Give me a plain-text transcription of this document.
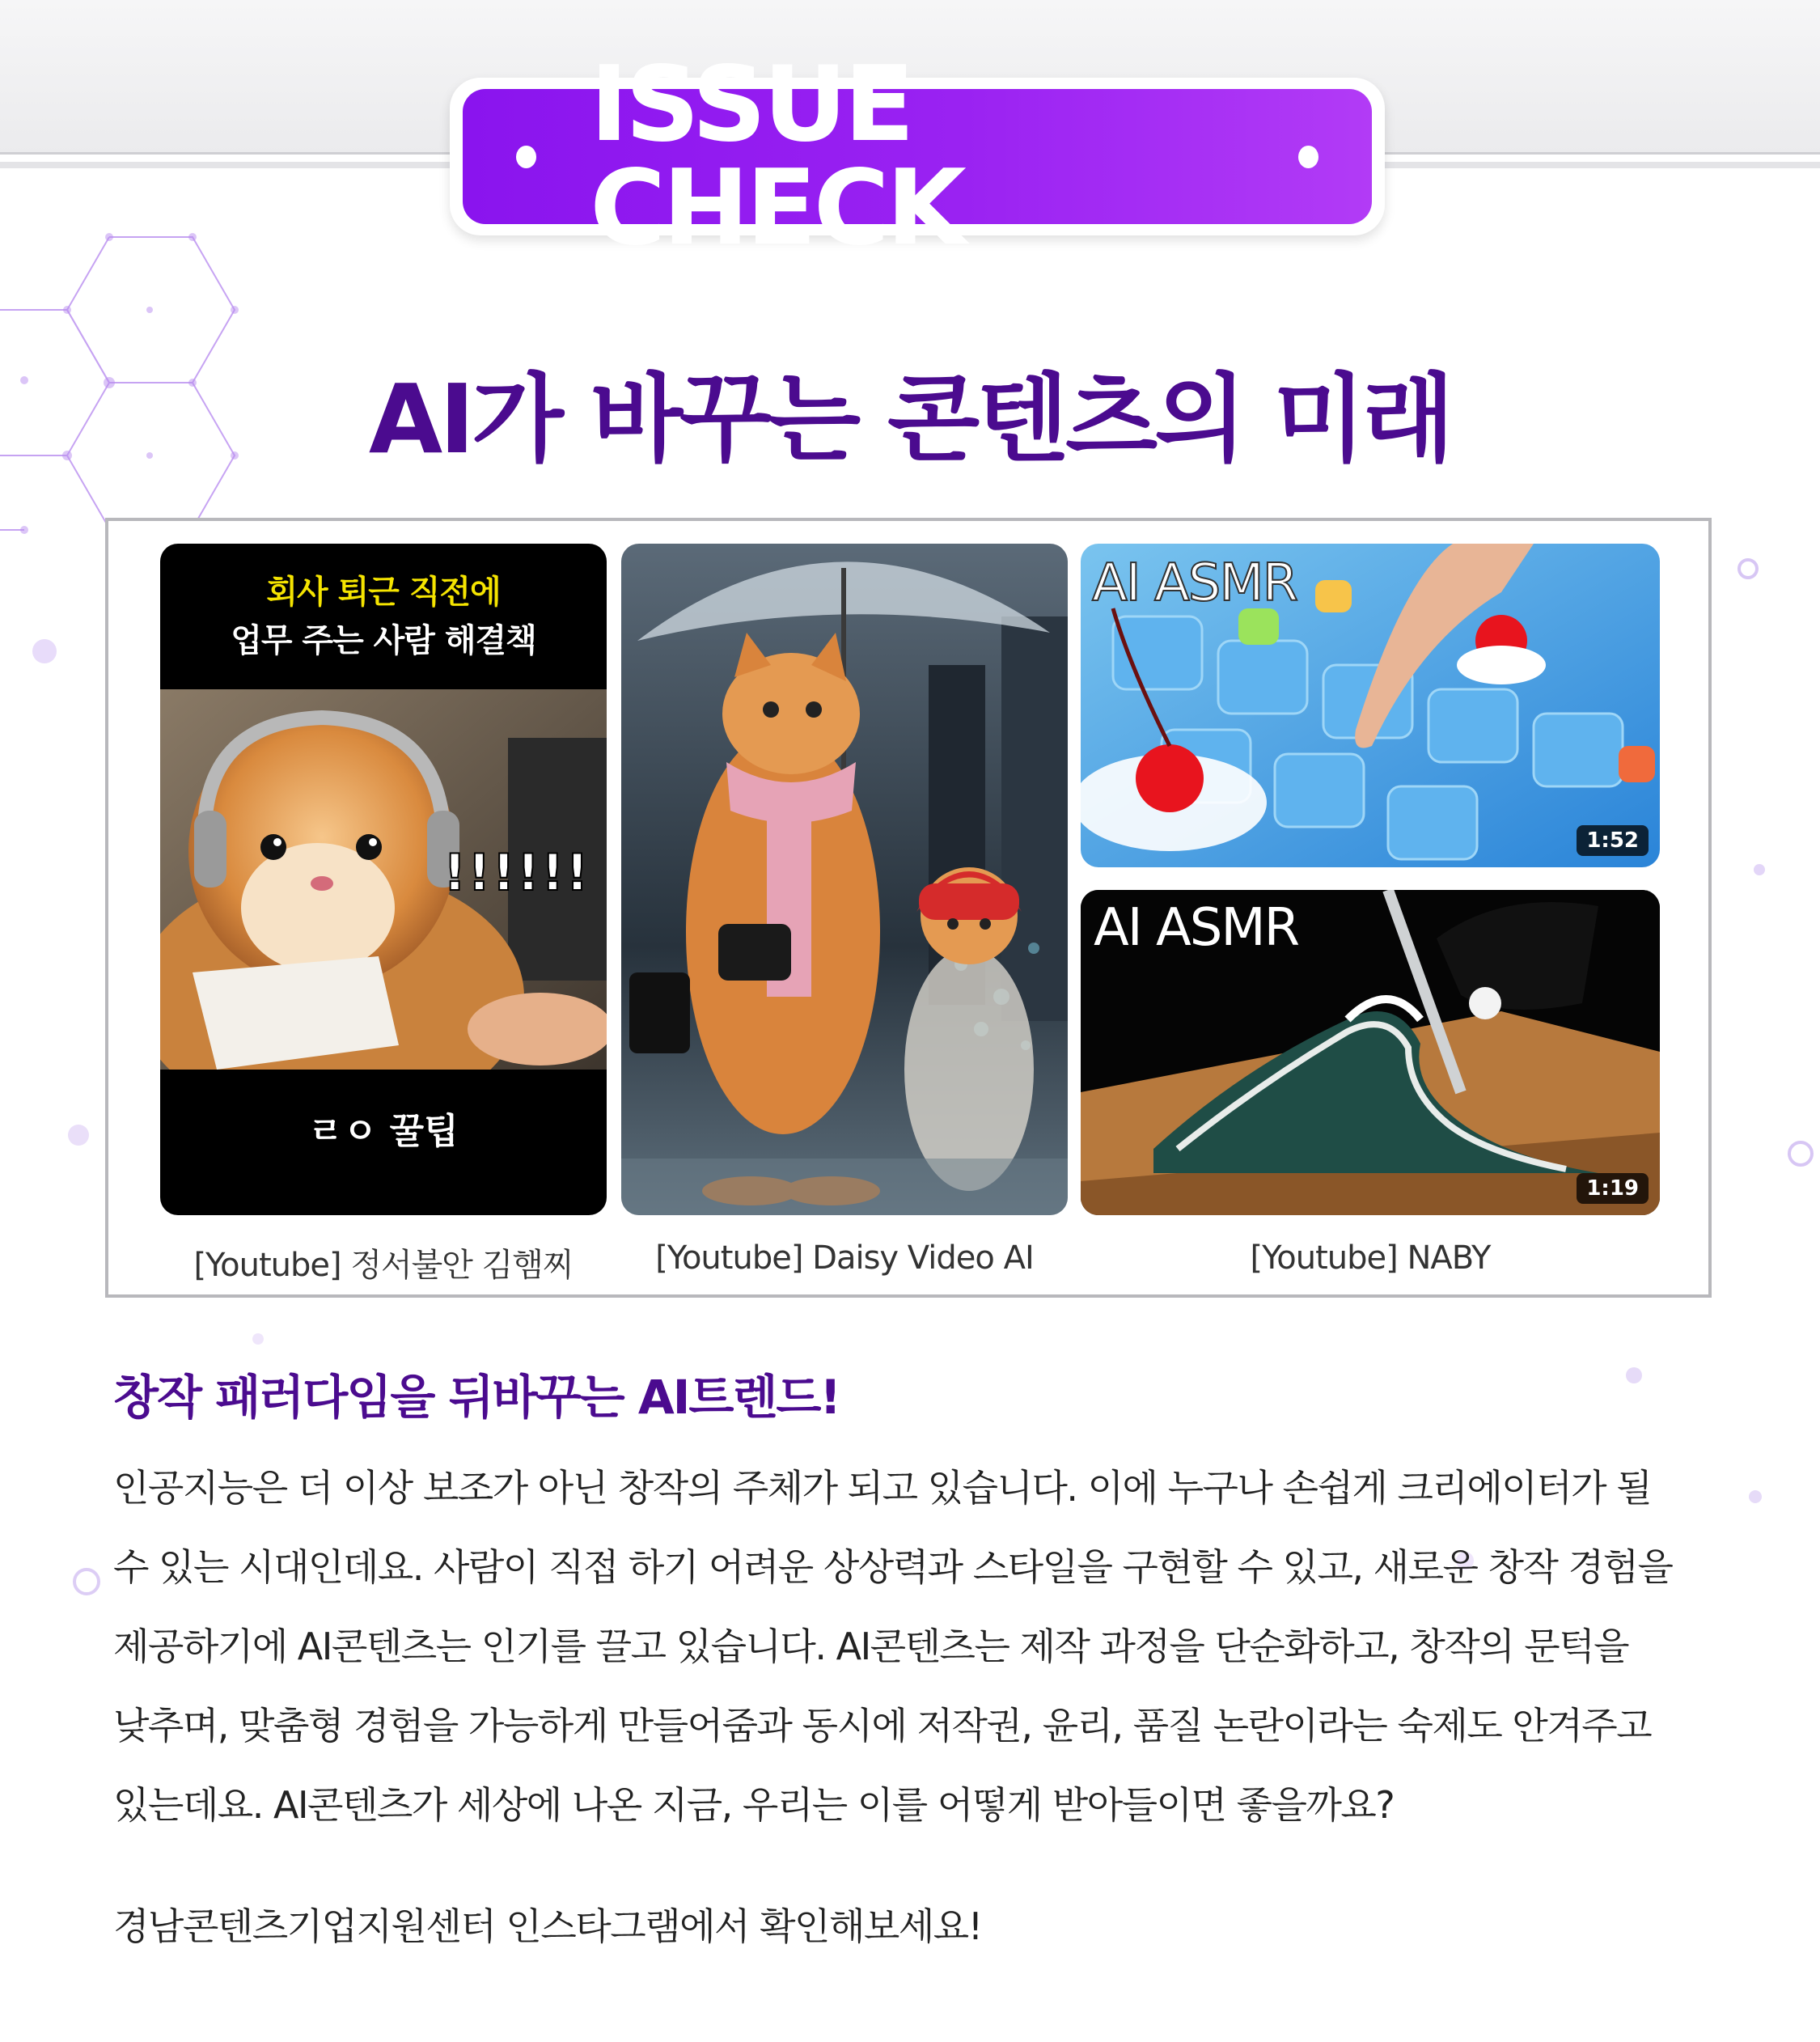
ISSUE CHECK
AI가 바꾸는 콘텐츠의 미래
회사 퇴근 직전에
업무 주는 사람 해결책
!!!!!!
ㄹㅇ 꿀팁
AI ASMR
1:52
AI ASMR
1:19
[Youtube] 정서불안 김햄찌	[Youtube] Daisy Video AI	[Youtube] NABY
창작 패러다임을 뒤바꾸는 AI트렌드!

인공지능은 더 이상 보조가 아닌 창작의 주체가 되고 있습니다. 이에 누구나 손쉽게 크리에이터가 될

수 있는 시대인데요. 사람이 직접 하기 어려운 상상력과 스타일을 구현할 수 있고, 새로운 창작 경험을

제공하기에 AI콘텐츠는 인기를 끌고 있습니다. AI콘텐츠는 제작 과정을 단순화하고, 창작의 문턱을

낮추며, 맞춤형 경험을 가능하게 만들어줌과 동시에 저작권, 윤리, 품질 논란이라는 숙제도 안겨주고

있는데요. AI콘텐츠가 세상에 나온 지금, 우리는 이를 어떻게 받아들이면 좋을까요?

경남콘텐츠기업지원센터 인스타그램에서 확인해보세요!
